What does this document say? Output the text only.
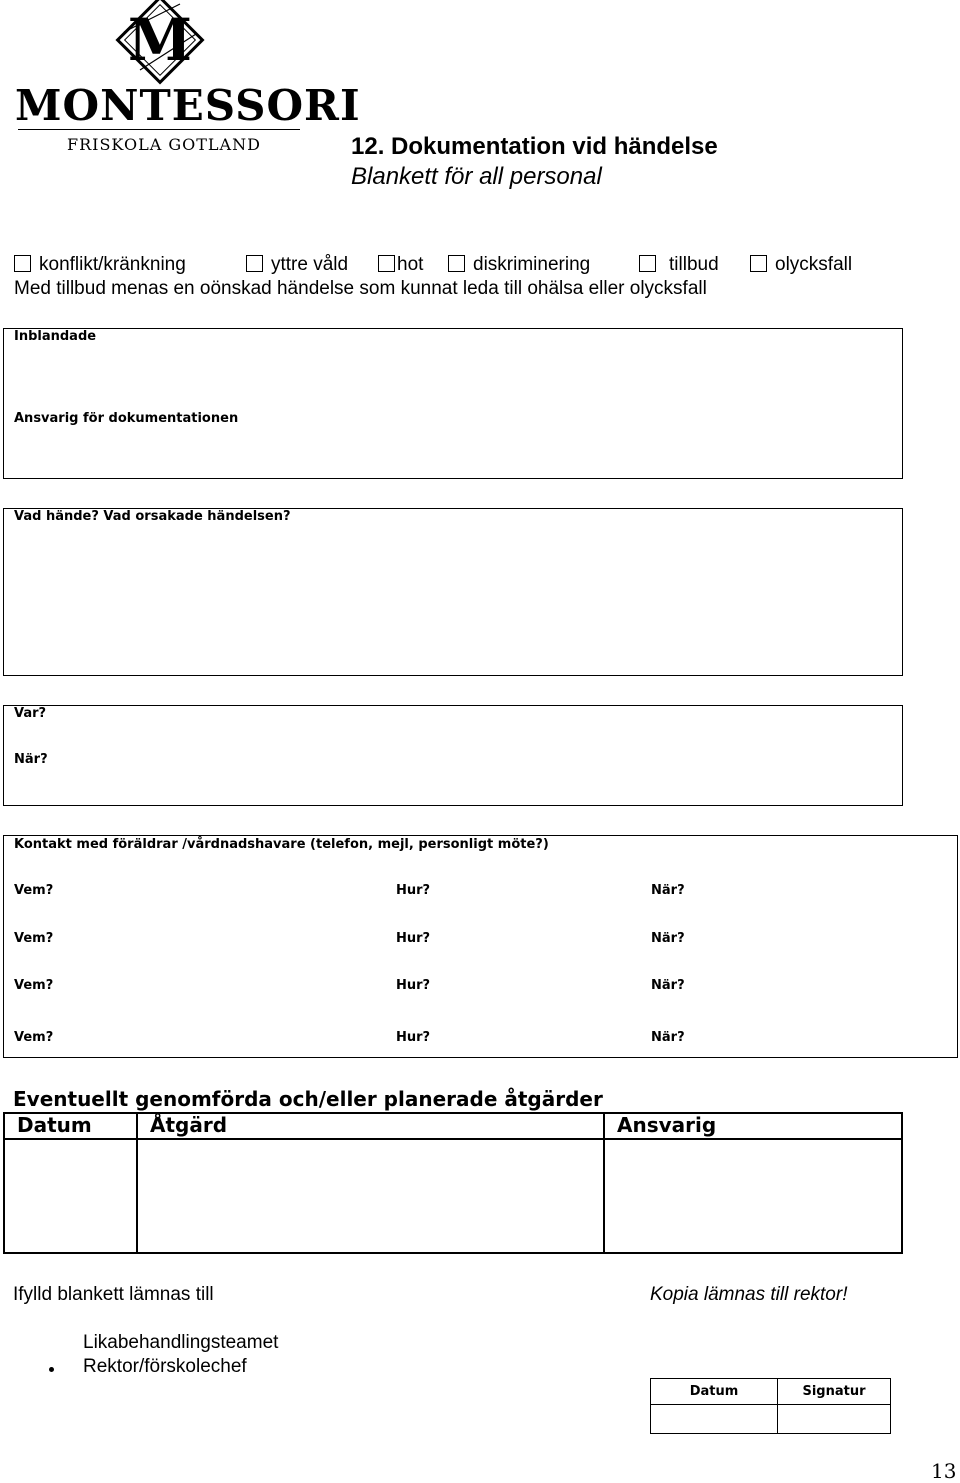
M
MONTESSORI
FRISKOLA GOTLAND	12. Dokumentation vid händelse
Blankett för all personal
konflikt/kränkning	yttre våld	hot	diskriminering	tillbud	olycksfall
Med tillbud menas en oönskad händelse som kunnat leda till ohälsa eller olycksfall
Inblandade
Ansvarig för dokumentationen
Vad hände? Vad orsakade händelsen?
Var?
När?
Kontakt med föräldrar /vårdnadshavare (telefon, mejl, personligt möte?)
Vem?	Hur?	När?
Vem?	Hur?	När?
Vem?	Hur?	När?
Vem?	Hur?	När?
Eventuellt genomförda och/eller planerade åtgärder
Datum	Åtgärd	Ansvarig

Ifylld blankett lämnas till	Kopia lämnas till rektor!
Likabehandlingsteamet
Rektor/förskolechef
Datum	Signatur

13
